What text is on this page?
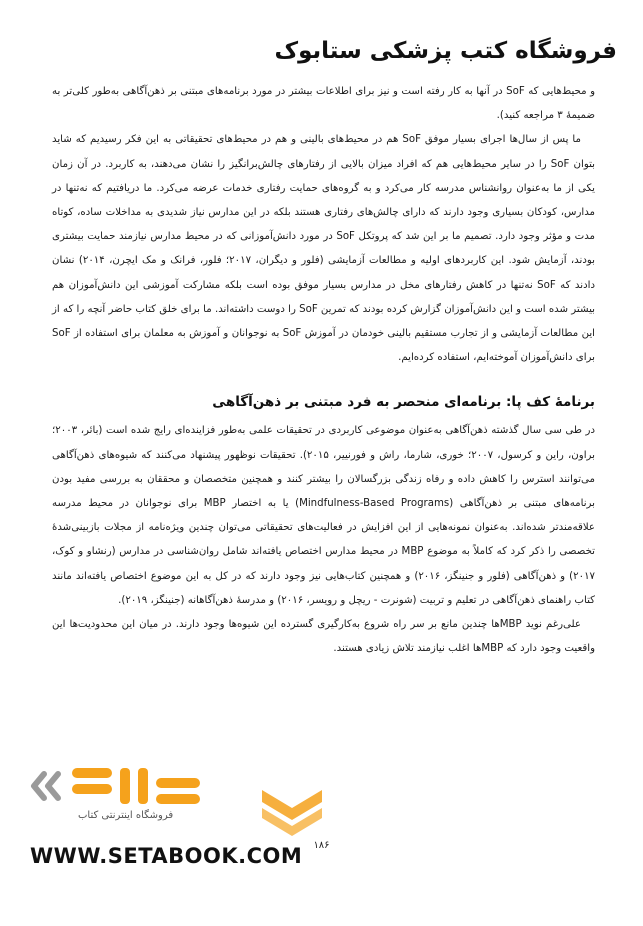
فروشگاه کتب پزشکی ستابوک

و محیط‌هایی که SoF در آنها به کار رفته است و نیز برای اطلاعات بیشتر در مورد برنامه‌های مبتنی بر ذهن‌آگاهی به‌طور کلی‌تر به ضمیمهٔ ۳ مراجعه کنید).

ما پس از سال‌ها اجرای بسیار موفق SoF هم در محیط‌های بالینی و هم در محیط‌های تحقیقاتی به این فکر رسیدیم که شاید بتوان SoF را در سایر محیط‌هایی هم که افراد میزان بالایی از رفتارهای چالش‌برانگیز را نشان می‌دهند، به کاربرد. در آن زمان یکی از ما به‌عنوان روانشناس مدرسه کار می‌کرد و به گروه‌های حمایت رفتاری خدمات عرضه می‌کرد. ما دریافتیم که نه‌تنها در مدارس، کودکان بسیاری وجود دارند که دارای چالش‌های رفتاری هستند بلکه در این مدارس نیاز شدیدی به مداخلات ساده، کوتاه مدت و مؤثر وجود دارد. تصمیم ما بر این شد که پروتکل SoF در مورد دانش‌آموزانی که در محیط مدارس نیازمند حمایت بیشتری بودند، آزمایش شود. این کاربردهای اولیه و مطالعات آزمایشی (فلور و دیگران، ۲۰۱۷؛ فلور، فرانک و مک ایچرن، ۲۰۱۴) نشان دادند که SoF نه‌تنها در کاهش رفتارهای مخل در مدارس بسیار موفق بوده است بلکه مشارکت آموزشی این دانش‌آموزان هم بیشتر شده است و این دانش‌آموزان گزارش کرده بودند که تمرین SoF را دوست داشته‌اند. ما برای خلق کتاب حاضر آنچه را که از این مطالعات آزمایشی و از تجارب مستقیم بالینی خودمان در آموزش SoF به نوجوانان و آموزش به معلمان برای استفاده از SoF برای دانش‌آموزان آموخته‌ایم، استفاده کرده‌ایم.

برنامهٔ کف پا: برنامه‌ای منحصر به فرد مبتنی بر ذهن‌آگاهی

در طی سی سال گذشته ذهن‌آگاهی به‌عنوان موضوعی کاربردی در تحقیقات علمی به‌طور فزاینده‌ای رایج شده است (بائر، ۲۰۰۳؛ براون، راین و کرسول، ۲۰۰۷؛ خوری، شارما، راش و فورنییر، ۲۰۱۵). تحقیقات نوظهور پیشنهاد می‌کنند که شیوه‌های ذهن‌آگاهی می‌توانند استرس را کاهش داده و رفاه زندگی بزرگسالان را بیشتر کنند و همچنین متخصصان و محققان به بررسی مفید بودن برنامه‌های مبتنی بر ذهن‌آگاهی (Mindfulness-Based Programs) یا به اختصار MBP برای نوجوانان در محیط مدرسه علاقه‌مندتر شده‌اند. به‌عنوان نمونه‌هایی از این افزایش در فعالیت‌های تحقیقاتی می‌توان چندین ویژه‌نامه از مجلات بازبینی‌شدهٔ تخصصی را ذکر کرد که کاملاً به موضوع MBP در محیط مدارس اختصاص یافته‌اند شامل روان‌شناسی در مدارس (رنشاو و کوک، ۲۰۱۷) و ذهن‌آگاهی (فلور و جنینگز، ۲۰۱۶) و همچنین کتاب‌هایی نیز وجود دارند که در کل به این موضوع اختصاص یافته‌اند مانند کتاب راهنمای ذهن‌آگاهی در تعلیم و تربیت (شونرت - ریچل و رویسر، ۲۰۱۶) و مدرسهٔ ذهن‌آگاهانه (جنینگز، ۲۰۱۹).

علی‌رغم نوید MBP‌ها چندین مانع بر سر راه شروع به‌کارگیری گسترده این شیوه‌ها وجود دارند. در میان این محدودیت‌ها این واقعیت وجود دارد که MBP‌ها اغلب نیازمند تلاش زیادی هستند.

۱۸۶
فروشگاه اینترنتی کتاب
WWW.SETABOOK.COM
